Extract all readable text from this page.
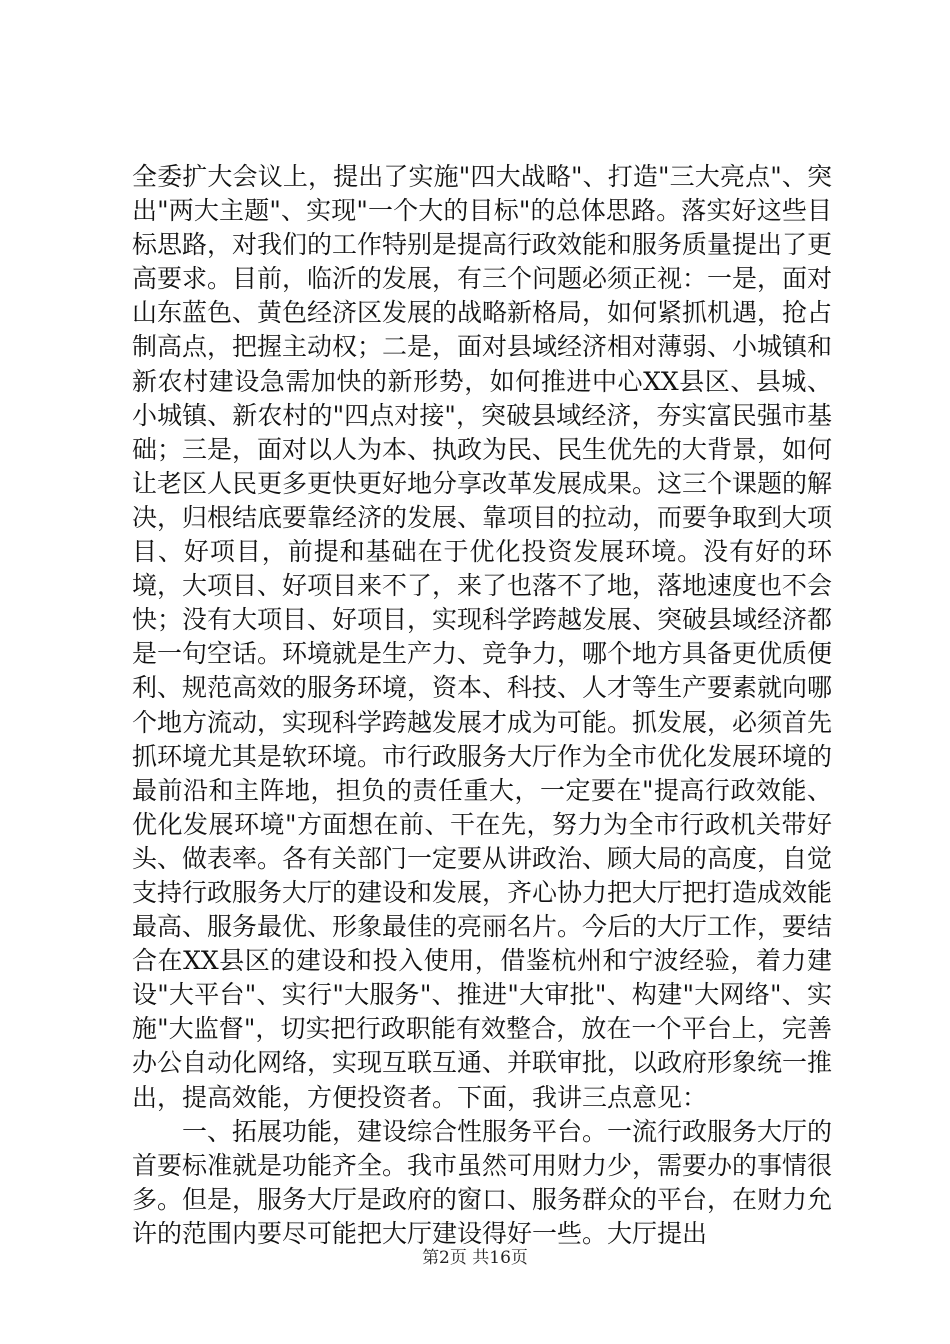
全委扩大会议上，提出了实施"四大战略"、打造"三大亮点"、突出"两大主题"、实现"一个大的目标"的总体思路。落实好这些目标思路，对我们的工作特别是提高行政效能和服务质量提出了更高要求。目前，临沂的发展，有三个问题必须正视：一是，面对山东蓝色、黄色经济区发展的战略新格局，如何紧抓机遇，抢占制高点，把握主动权；二是，面对县域经济相对薄弱、小城镇和新农村建设急需加快的新形势，如何推进中心XX县区、县城、小城镇、新农村的"四点对接"，突破县域经济，夯实富民强市基础；三是，面对以人为本、执政为民、民生优先的大背景，如何让老区人民更多更快更好地分享改革发展成果。这三个课题的解决，归根结底要靠经济的发展、靠项目的拉动，而要争取到大项目、好项目，前提和基础在于优化投资发展环境。没有好的环境，大项目、好项目来不了，来了也落不了地，落地速度也不会快；没有大项目、好项目，实现科学跨越发展、突破县域经济都是一句空话。环境就是生产力、竞争力，哪个地方具备更优质便利、规范高效的服务环境，资本、科技、人才等生产要素就向哪个地方流动，实现科学跨越发展才成为可能。抓发展，必须首先抓环境尤其是软环境。市行政服务大厅作为全市优化发展环境的最前沿和主阵地，担负的责任重大，一定要在"提高行政效能、优化发展环境"方面想在前、干在先，努力为全市行政机关带好头、做表率。各有关部门一定要从讲政治、顾大局的高度，自觉支持行政服务大厅的建设和发展，齐心协力把大厅把打造成效能最高、服务最优、形象最佳的亮丽名片。今后的大厅工作，要结合在XX县区的建设和投入使用，借鉴杭州和宁波经验，着力建设"大平台"、实行"大服务"、推进"大审批"、构建"大网络"、实施"大监督"，切实把行政职能有效整合，放在一个平台上，完善办公自动化网络，实现互联互通、并联审批，以政府形象统一推出，提高效能，方便投资者。下面，我讲三点意见：

一、拓展功能，建设综合性服务平台。一流行政服务大厅的首要标准就是功能齐全。我市虽然可用财力少，需要办的事情很多。但是，服务大厅是政府的窗口、服务群众的平台，在财力允许的范围内要尽可能把大厅建设得好一些。大厅提出

第2页 共16页
